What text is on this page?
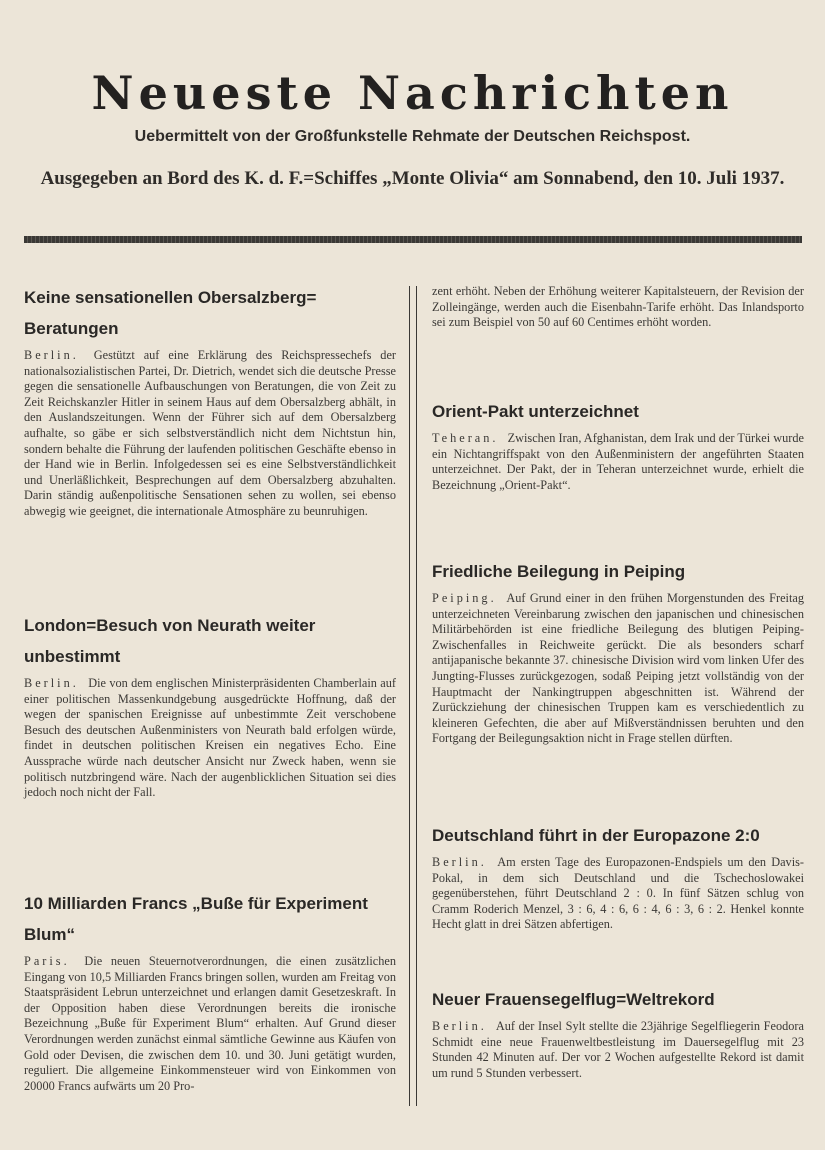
Neueste Nachrichten
Uebermittelt von der Großfunkstelle Rehmate der Deutschen Reichspost.
Ausgegeben an Bord des K. d. F.=Schiffes „Monte Olivia“ am Sonnabend, den 10. Juli 1937.
Keine sensationellen Obersalzberg= Beratungen

Berlin. Gestützt auf eine Erklärung des Reichspressechefs der nationalsozialistischen Partei, Dr. Dietrich, wendet sich die deutsche Presse gegen die sensationelle Aufbauschungen von Beratungen, die von Zeit zu Zeit Reichskanzler Hitler in seinem Haus auf dem Obersalzberg abhält, in den Auslandszeitungen. Wenn der Führer sich auf dem Obersalzberg aufhalte, so gäbe er sich selbstverständlich nicht dem Nichtstun hin, sondern behalte die Führung der laufenden politischen Geschäfte ebenso in der Hand wie in Berlin. Infolgedessen sei es eine Selbstverständlichkeit und Unerläßlichkeit, Besprechungen auf dem Obersalzberg abzuhalten. Darin ständig außenpolitische Sensationen sehen zu wollen, sei ebenso abwegig wie geeignet, die internationale Atmosphäre zu beunruhigen.

London=Besuch von Neurath weiter unbestimmt

Berlin. Die von dem englischen Ministerpräsidenten Chamberlain auf einer politischen Massenkundgebung ausgedrückte Hoffnung, daß der wegen der spanischen Ereignisse auf unbestimmte Zeit verschobene Besuch des deutschen Außenministers von Neurath bald erfolgen würde, findet in deutschen politischen Kreisen ein negatives Echo. Eine Aussprache würde nach deutscher Ansicht nur Zweck haben, wenn sie politisch nutzbringend wäre. Nach der augenblicklichen Situation sei dies jedoch noch nicht der Fall.

10 Milliarden Francs „Buße für Experiment Blum“

Paris. Die neuen Steuernotverordnungen, die einen zusätzlichen Eingang von 10,5 Milliarden Francs bringen sollen, wurden am Freitag von Staatspräsident Lebrun unterzeichnet und erlangen damit Gesetzeskraft. In der Opposition haben diese Verordnungen bereits die ironische Bezeichnung „Buße für Experiment Blum“ erhalten. Auf Grund dieser Verordnungen werden zunächst einmal sämtliche Gewinne aus Käufen von Gold oder Devisen, die zwischen dem 10. und 30. Juni getätigt wurden, reguliert. Die allgemeine Einkommensteuer wird von Einkommen von 20000 Francs aufwärts um 20 Pro-

zent erhöht. Neben der Erhöhung weiterer Kapitalsteuern, der Revision der Zolleingänge, werden auch die Eisenbahn-Tarife erhöht. Das Inlandsporto sei zum Beispiel von 50 auf 60 Centimes erhöht worden.

Orient-Pakt unterzeichnet

Teheran. Zwischen Iran, Afghanistan, dem Irak und der Türkei wurde ein Nichtangriffspakt von den Außenministern der angeführten Staaten unterzeichnet. Der Pakt, der in Teheran unterzeichnet wurde, erhielt die Bezeichnung „Orient-Pakt“.

Friedliche Beilegung in Peiping

Peiping. Auf Grund einer in den frühen Morgenstunden des Freitag unterzeichneten Vereinbarung zwischen den japanischen und chinesischen Militärbehörden ist eine friedliche Beilegung des blutigen Peiping-Zwischenfalles in Reichweite gerückt. Die als besonders scharf antijapanische bekannte 37. chinesische Division wird vom linken Ufer des Jungting-Flusses zurückgezogen, sodaß Peiping jetzt vollständig von der Hauptmacht der Nankingtruppen abgeschnitten ist. Während der Zurückziehung der chinesischen Truppen kam es verschiedentlich zu kleineren Gefechten, die aber auf Mißverständnissen beruhten und den Fortgang der Beilegungsaktion nicht in Frage stellen dürften.

Deutschland führt in der Europazone 2:0

Berlin. Am ersten Tage des Europazonen-Endspiels um den Davis-Pokal, in dem sich Deutschland und die Tschechoslowakei gegenüberstehen, führt Deutschland 2 : 0. In fünf Sätzen schlug von Cramm Roderich Menzel, 3 : 6, 4 : 6, 6 : 4, 6 : 3, 6 : 2. Henkel konnte Hecht glatt in drei Sätzen abfertigen.

Neuer Frauensegelflug=Weltrekord

Berlin. Auf der Insel Sylt stellte die 23jährige Segelfliegerin Feodora Schmidt eine neue Frauenweltbestleistung im Dauersegelflug mit 23 Stunden 42 Minuten auf. Der vor 2 Wochen aufgestellte Rekord ist damit um rund 5 Stunden verbessert.
